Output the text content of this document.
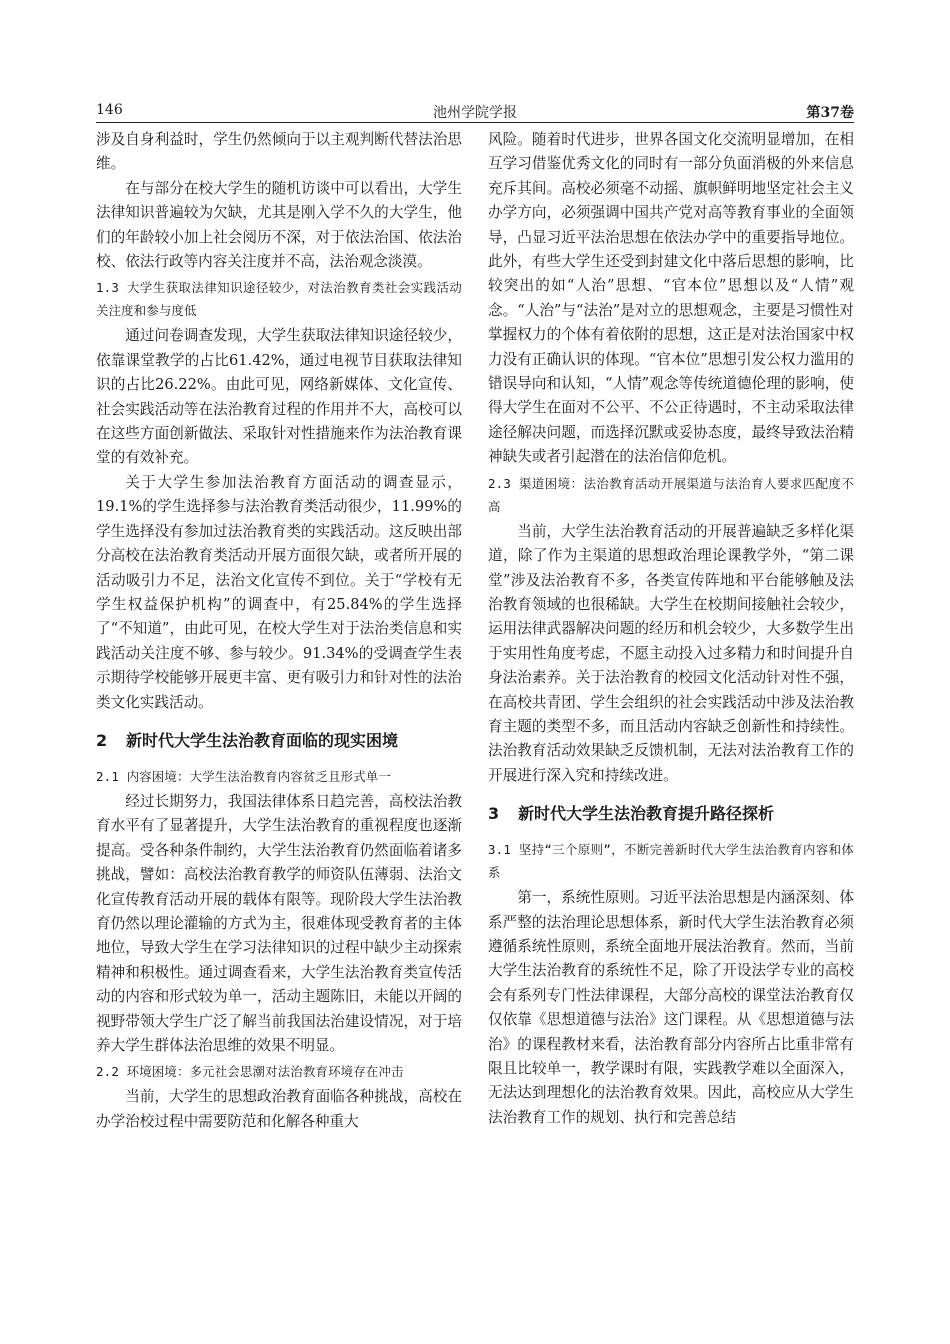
146	池州学院学报	第37卷

涉及自身利益时，学生仍然倾向于以主观判断代替法治思维。

在与部分在校大学生的随机访谈中可以看出，大学生法律知识普遍较为欠缺，尤其是刚入学不久的大学生，他们的年龄较小加上社会阅历不深，对于依法治国、依法治校、依法行政等内容关注度并不高，法治观念淡漠。

1.3 大学生获取法律知识途径较少，对法治教育类社会实践活动关注度和参与度低

通过问卷调查发现，大学生获取法律知识途径较少，依靠课堂教学的占比61.42%，通过电视节目获取法律知识的占比26.22%。由此可见，网络新媒体、文化宣传、社会实践活动等在法治教育过程的作用并不大，高校可以在这些方面创新做法、采取针对性措施来作为法治教育课堂的有效补充。

关于大学生参加法治教育方面活动的调查显示，19.1%的学生选择参与法治教育类活动很少，11.99%的学生选择没有参加过法治教育类的实践活动。这反映出部分高校在法治教育类活动开展方面很欠缺，或者所开展的活动吸引力不足，法治文化宣传不到位。关于“学校有无学生权益保护机构”的调查中，有25.84%的学生选择了“不知道”，由此可见，在校大学生对于法治类信息和实践活动关注度不够、参与较少。91.34%的受调查学生表示期待学校能够开展更丰富、更有吸引力和针对性的法治类文化实践活动。

2 新时代大学生法治教育面临的现实困境

2.1 内容困境：大学生法治教育内容贫乏且形式单一

经过长期努力，我国法律体系日趋完善，高校法治教育水平有了显著提升，大学生法治教育的重视程度也逐渐提高。受各种条件制约，大学生法治教育仍然面临着诸多挑战，譬如：高校法治教育教学的师资队伍薄弱、法治文化宣传教育活动开展的载体有限等。现阶段大学生法治教育仍然以理论灌输的方式为主，很难体现受教育者的主体地位，导致大学生在学习法律知识的过程中缺少主动探索精神和积极性。通过调查看来，大学生法治教育类宣传活动的内容和形式较为单一，活动主题陈旧，未能以开阔的视野带领大学生广泛了解当前我国法治建设情况，对于培养大学生群体法治思维的效果不明显。

2.2 环境困境：多元社会思潮对法治教育环境存在冲击

当前，大学生的思想政治教育面临各种挑战，高校在办学治校过程中需要防范和化解各种重大

风险。随着时代进步，世界各国文化交流明显增加，在相互学习借鉴优秀文化的同时有一部分负面消极的外来信息充斥其间。高校必须毫不动摇、旗帜鲜明地坚定社会主义办学方向，必须强调中国共产党对高等教育事业的全面领导，凸显习近平法治思想在依法办学中的重要指导地位。此外，有些大学生还受到封建文化中落后思想的影响，比较突出的如“人治”思想、“官本位”思想以及“人情”观念。“人治”与“法治”是对立的思想观念，主要是习惯性对掌握权力的个体有着依附的思想，这正是对法治国家中权力没有正确认识的体现。“官本位”思想引发公权力滥用的错误导向和认知，“人情”观念等传统道德伦理的影响，使得大学生在面对不公平、不公正待遇时，不主动采取法律途径解决问题，而选择沉默或妥协态度，最终导致法治精神缺失或者引起潜在的法治信仰危机。

2.3 渠道困境：法治教育活动开展渠道与法治育人要求匹配度不高

当前，大学生法治教育活动的开展普遍缺乏多样化渠道，除了作为主渠道的思想政治理论课教学外，“第二课堂”涉及法治教育不多，各类宣传阵地和平台能够触及法治教育领域的也很稀缺。大学生在校期间接触社会较少，运用法律武器解决问题的经历和机会较少，大多数学生出于实用性角度考虑，不愿主动投入过多精力和时间提升自身法治素养。关于法治教育的校园文化活动针对性不强，在高校共青团、学生会组织的社会实践活动中涉及法治教育主题的类型不多，而且活动内容缺乏创新性和持续性。法治教育活动效果缺乏反馈机制，无法对法治教育工作的开展进行深入究和持续改进。

3 新时代大学生法治教育提升路径探析

3.1 坚持“三个原则”，不断完善新时代大学生法治教育内容和体系

第一，系统性原则。习近平法治思想是内涵深刻、体系严整的法治理论思想体系，新时代大学生法治教育必须遵循系统性原则，系统全面地开展法治教育。然而，当前大学生法治教育的系统性不足，除了开设法学专业的高校会有系列专门性法律课程，大部分高校的课堂法治教育仅仅依靠《思想道德与法治》这门课程。从《思想道德与法治》的课程教材来看，法治教育部分内容所占比重非常有限且比较单一，教学课时有限，实践教学难以全面深入，无法达到理想化的法治教育效果。因此，高校应从大学生法治教育工作的规划、执行和完善总结
